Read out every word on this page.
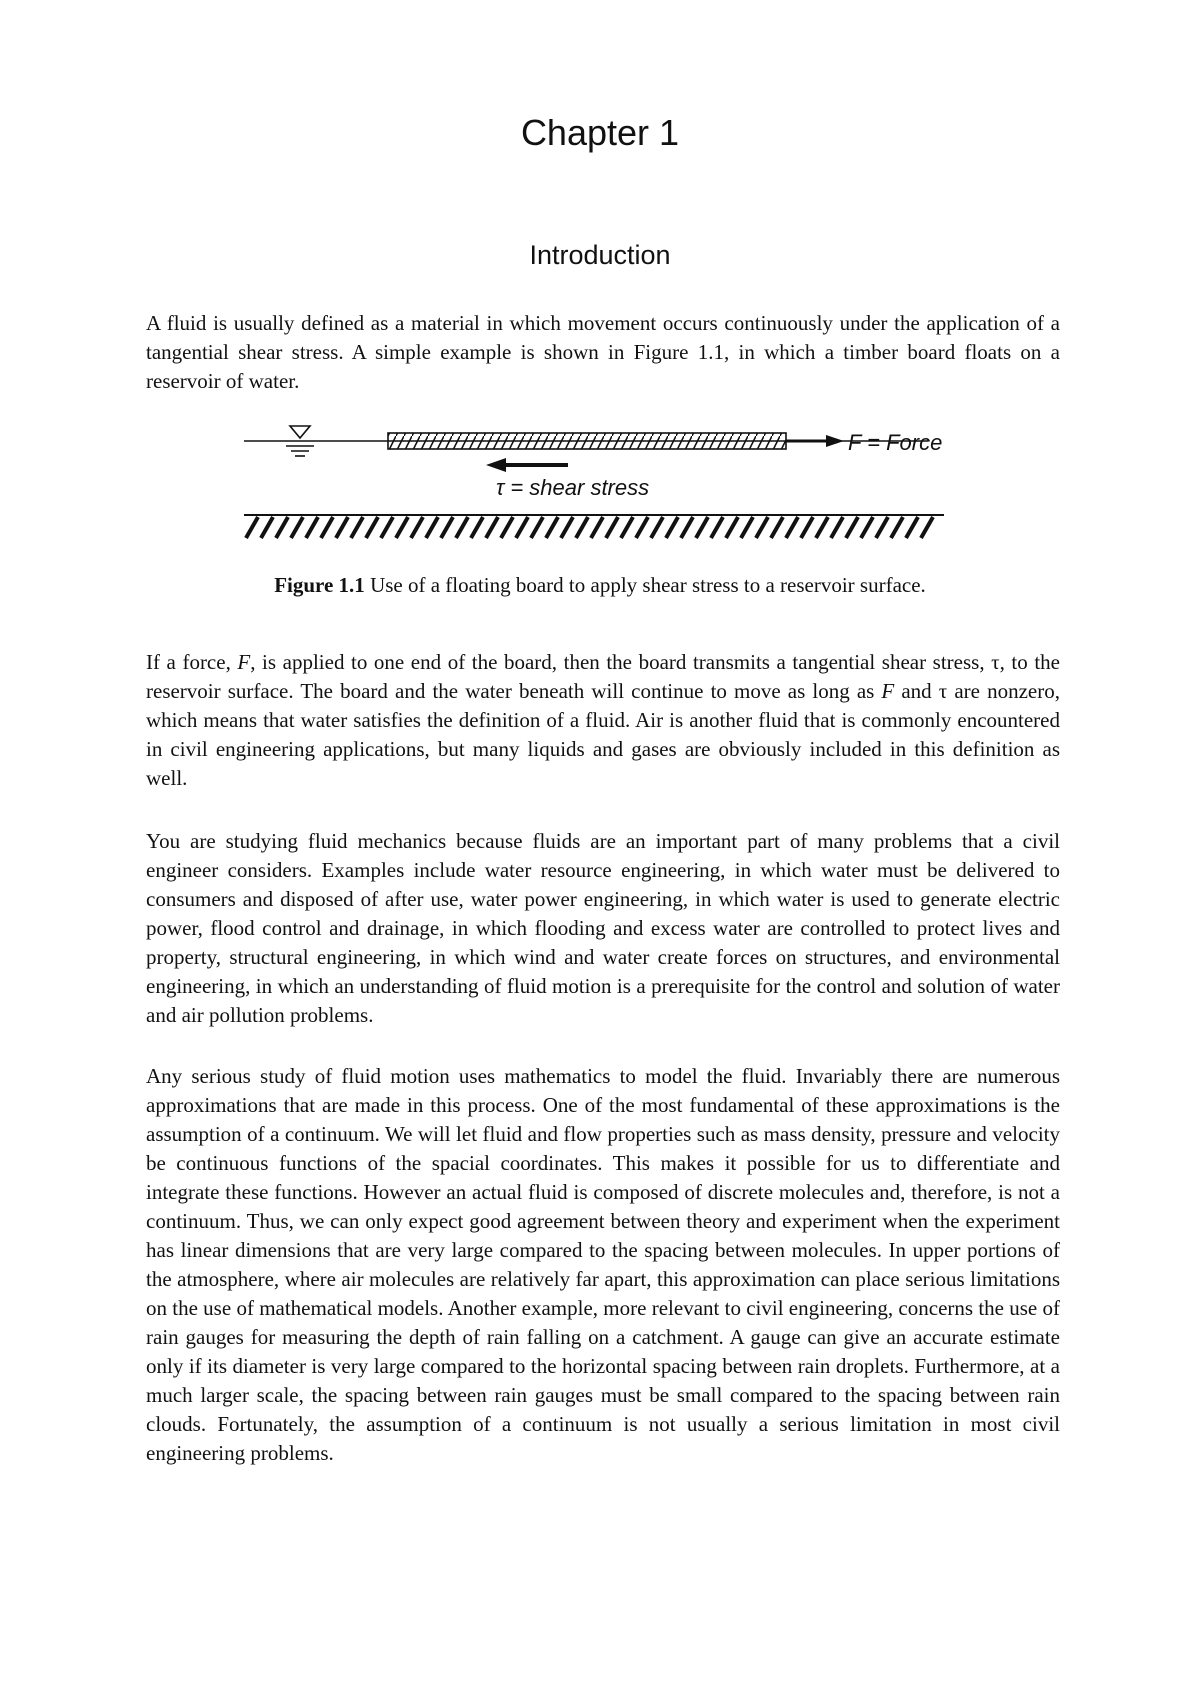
Chapter 1
Introduction

A fluid is usually defined as a material in which movement occurs continuously under the application of a tangential shear stress. A simple example is shown in Figure 1.1, in which a timber board floats on a reservoir of water.

F = Force
τ = shear stress

Figure 1.1 Use of a floating board to apply shear stress to a reservoir surface.

If a force, F, is applied to one end of the board, then the board transmits a tangential shear stress, τ, to the reservoir surface. The board and the water beneath will continue to move as long as F and τ are nonzero, which means that water satisfies the definition of a fluid. Air is another fluid that is commonly encountered in civil engineering applications, but many liquids and gases are obviously included in this definition as well.

You are studying fluid mechanics because fluids are an important part of many problems that a civil engineer considers. Examples include water resource engineering, in which water must be delivered to consumers and disposed of after use, water power engineering, in which water is used to generate electric power, flood control and drainage, in which flooding and excess water are controlled to protect lives and property, structural engineering, in which wind and water create forces on structures, and environmental engineering, in which an understanding of fluid motion is a prerequisite for the control and solution of water and air pollution problems.

Any serious study of fluid motion uses mathematics to model the fluid. Invariably there are numerous approximations that are made in this process. One of the most fundamental of these approximations is the assumption of a continuum. We will let fluid and flow properties such as mass density, pressure and velocity be continuous functions of the spacial coordinates. This makes it possible for us to differentiate and integrate these functions. However an actual fluid is composed of discrete molecules and, therefore, is not a continuum. Thus, we can only expect good agreement between theory and experiment when the experiment has linear dimensions that are very large compared to the spacing between molecules. In upper portions of the atmosphere, where air molecules are relatively far apart, this approximation can place serious limitations on the use of mathematical models. Another example, more relevant to civil engineering, concerns the use of rain gauges for measuring the depth of rain falling on a catchment. A gauge can give an accurate estimate only if its diameter is very large compared to the horizontal spacing between rain droplets. Furthermore, at a much larger scale, the spacing between rain gauges must be small compared to the spacing between rain clouds. Fortunately, the assumption of a continuum is not usually a serious limitation in most civil engineering problems.
